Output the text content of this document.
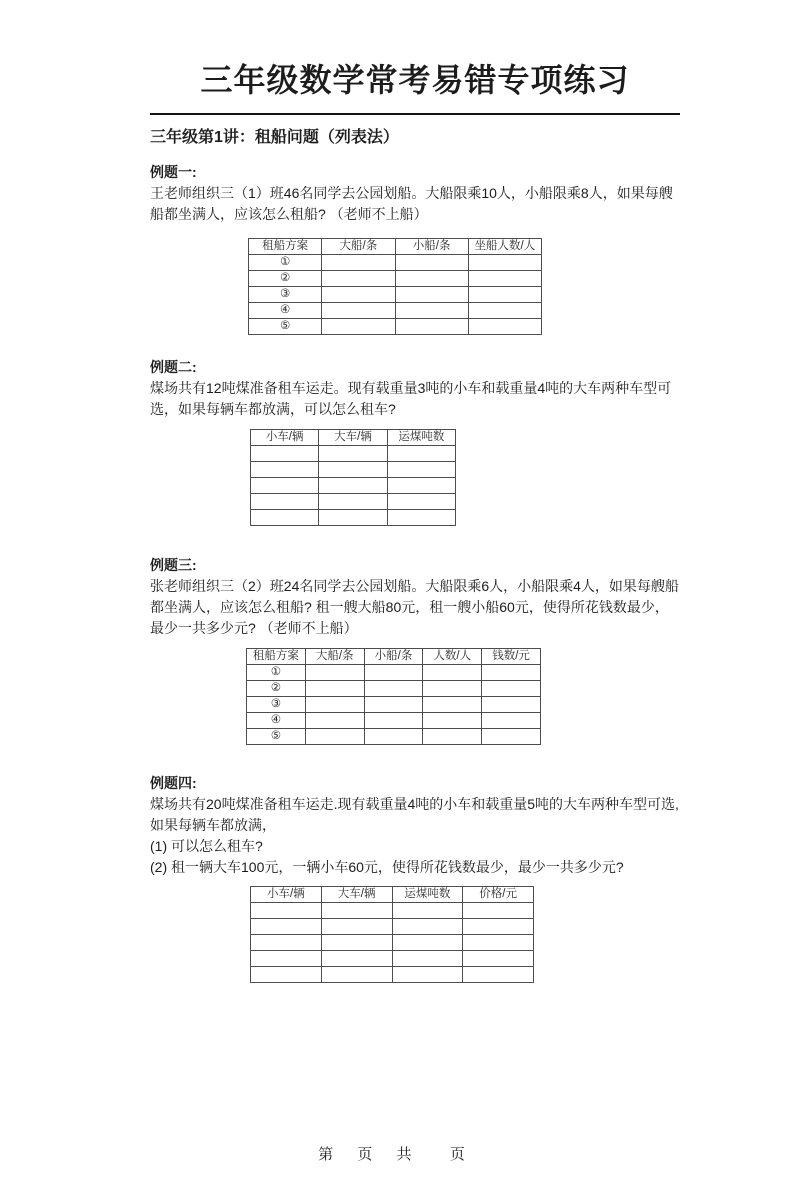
三年级数学常考易错专项练习
三年级第1讲：租船问题（列表法）
例题一:
王老师组织三（1）班46名同学去公园划船。大船限乘10人，小船限乘8人，如果每艘
船都坐满人，应该怎么租船? （老师不上船）
租船方案	大船/条	小船/条	坐船人数/人
①			
②			
③			
④			
⑤			
例题二:
煤场共有12吨煤准备租车运走。现有载重量3吨的小车和载重量4吨的大车两种车型可
选，如果每辆车都放满，可以怎么租车?
小车/辆	大车/辆	运煤吨数

例题三:
张老师组织三（2）班24名同学去公园划船。大船限乘6人，小船限乘4人，如果每艘船
都坐满人，应该怎么租船? 租一艘大船80元，租一艘小船60元，使得所花钱数最少，
最少一共多少元? （老师不上船）
租船方案	大船/条	小船/条	人数/人	钱数/元
①				
②				
③				
④				
⑤				
例题四:
煤场共有20吨煤准备租车运走.现有载重量4吨的小车和载重量5吨的大车两种车型可选,
如果每辆车都放满，
(1) 可以怎么租车?
(2) 租一辆大车100元，一辆小车60元，使得所花钱数最少，最少一共多少元?
小车/辆	大车/辆	运煤吨数	价格/元

第 页 共  页
